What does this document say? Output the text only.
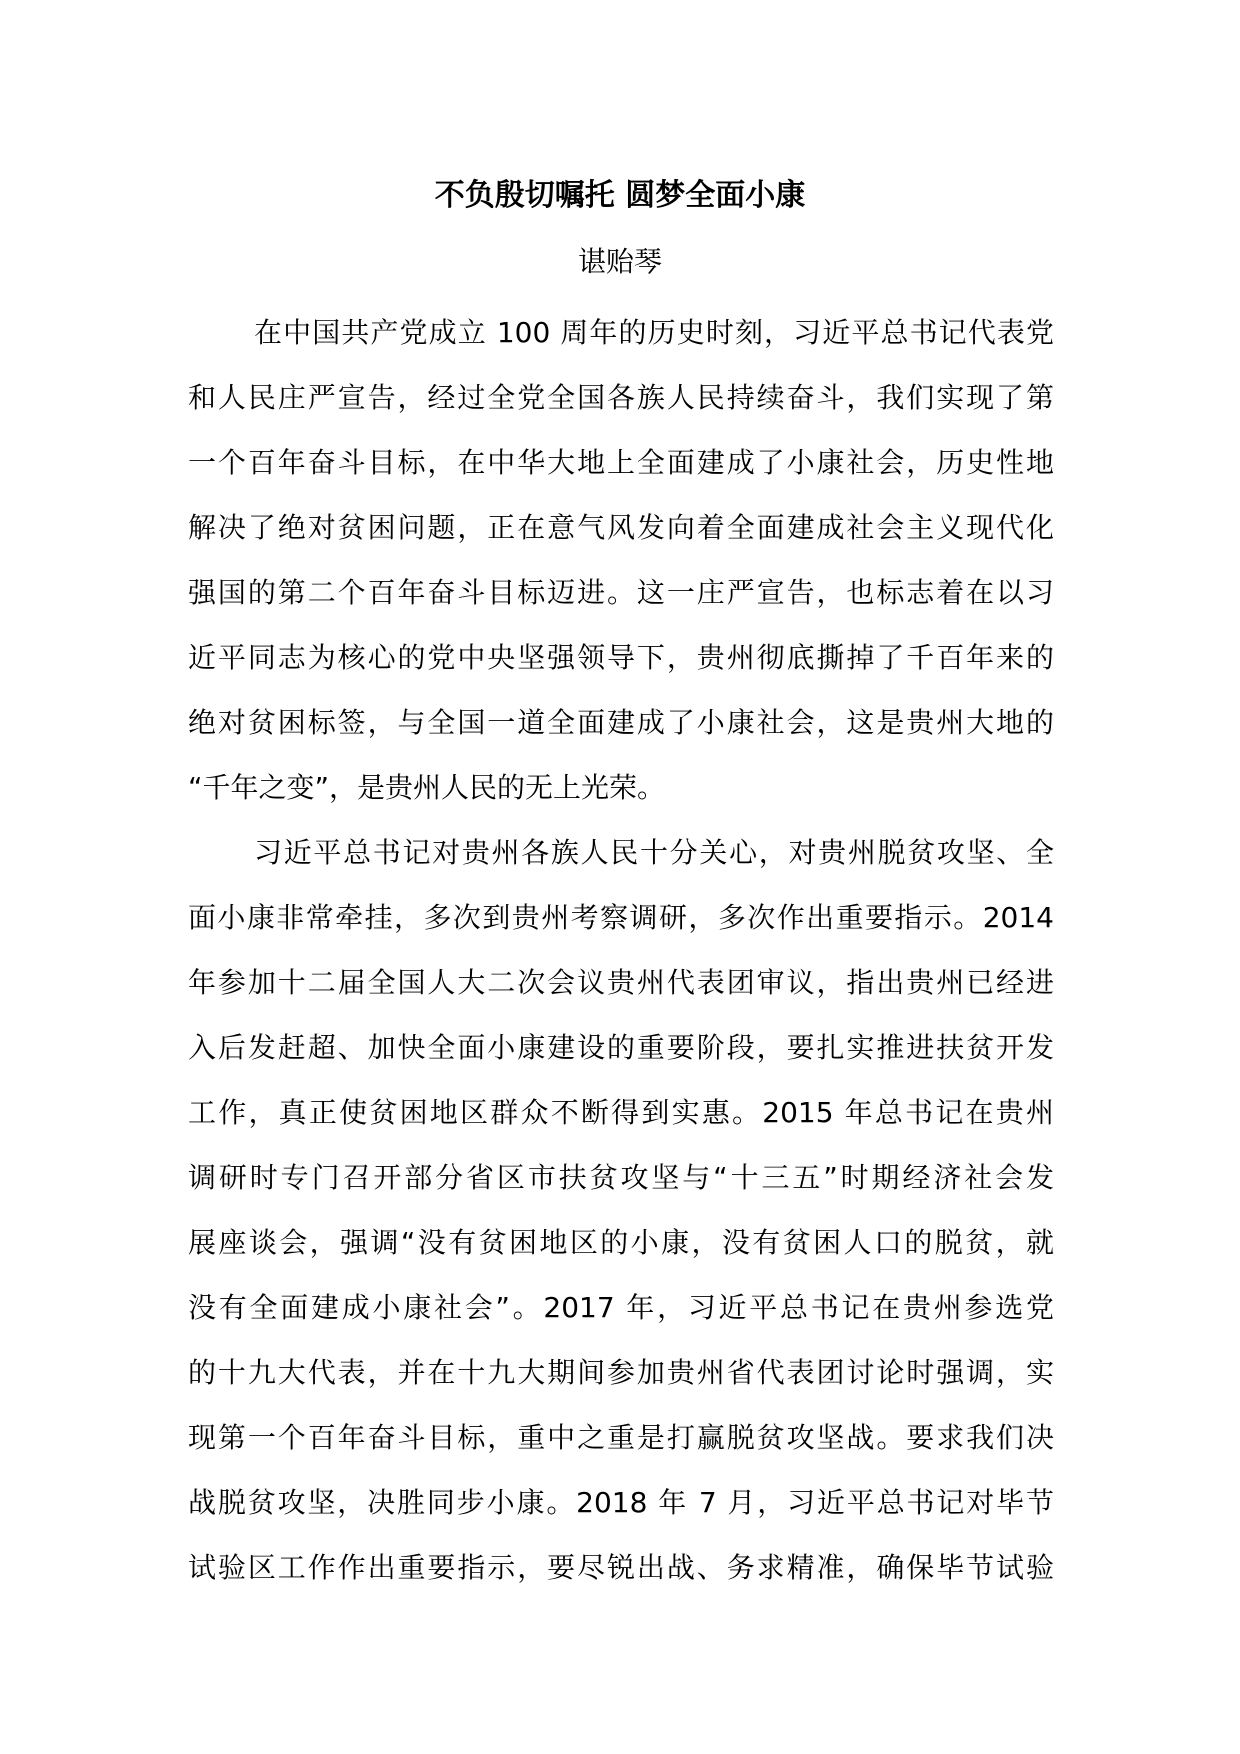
不负殷切嘱托 圆梦全面小康
谌贻琴
在中国共产党成立 100 周年的历史时刻，习近平总书记代表党
和人民庄严宣告，经过全党全国各族人民持续奋斗，我们实现了第
一个百年奋斗目标，在中华大地上全面建成了小康社会，历史性地
解决了绝对贫困问题，正在意气风发向着全面建成社会主义现代化
强国的第二个百年奋斗目标迈进。这一庄严宣告，也标志着在以习
近平同志为核心的党中央坚强领导下，贵州彻底撕掉了千百年来的
绝对贫困标签，与全国一道全面建成了小康社会，这是贵州大地的
“千年之变”，是贵州人民的无上光荣。
习近平总书记对贵州各族人民十分关心，对贵州脱贫攻坚、全
面小康非常牵挂，多次到贵州考察调研，多次作出重要指示。2014
年参加十二届全国人大二次会议贵州代表团审议，指出贵州已经进
入后发赶超、加快全面小康建设的重要阶段，要扎实推进扶贫开发
工作，真正使贫困地区群众不断得到实惠。2015 年总书记在贵州
调研时专门召开部分省区市扶贫攻坚与“十三五”时期经济社会发
展座谈会，强调“没有贫困地区的小康，没有贫困人口的脱贫，就
没有全面建成小康社会”。2017 年，习近平总书记在贵州参选党
的十九大代表，并在十九大期间参加贵州省代表团讨论时强调，实
现第一个百年奋斗目标，重中之重是打赢脱贫攻坚战。要求我们决
战脱贫攻坚，决胜同步小康。2018 年 7 月，习近平总书记对毕节
试验区工作作出重要指示，要尽锐出战、务求精准，确保毕节试验
